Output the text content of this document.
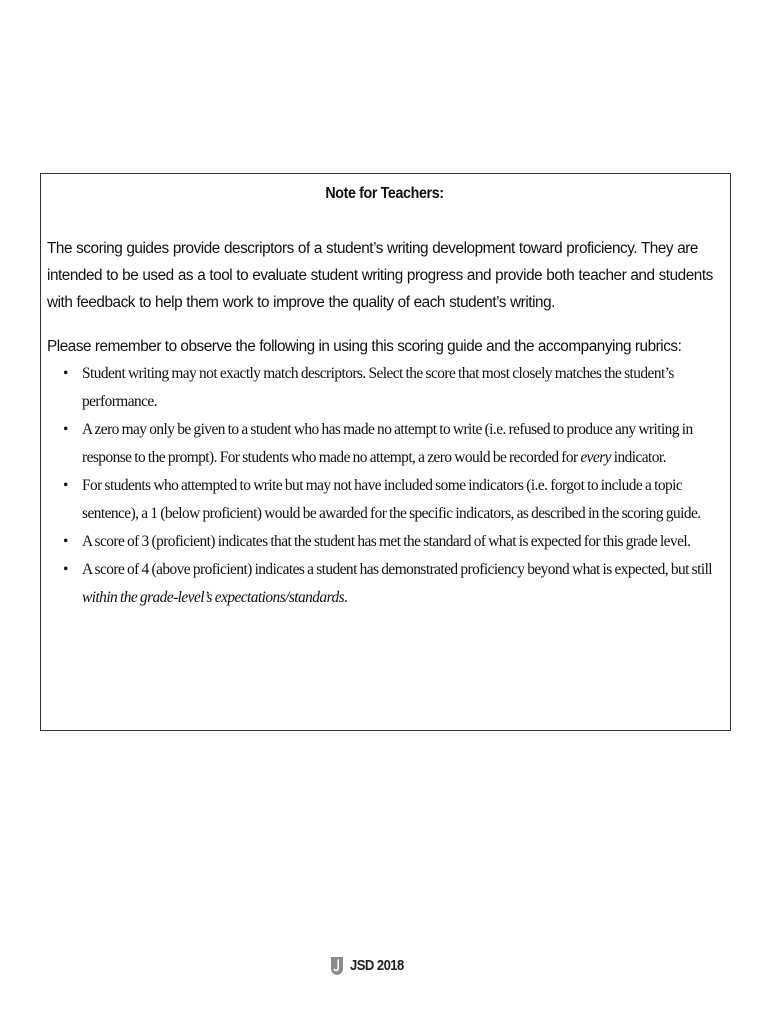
Note for Teachers:

The scoring guides provide descriptors of a student’s writing development toward proficiency. They are intended to be used as a tool to evaluate student writing progress and provide both teacher and students with feedback to help them work to improve the quality of each student’s writing.

Please remember to observe the following in using this scoring guide and the accompanying rubrics:

• Student writing may not exactly match descriptors. Select the score that most closely matches the student’s performance.
• A zero may only be given to a student who has made no attempt to write (i.e. refused to produce any writing in response to the prompt). For students who made no attempt, a zero would be recorded for every indicator.
• For students who attempted to write but may not have included some indicators (i.e. forgot to include a topic sentence), a 1 (below proficient) would be awarded for the specific indicators, as described in the scoring guide.
• A score of 3 (proficient) indicates that the student has met the standard of what is expected for this grade level.
• A score of 4 (above proficient) indicates a student has demonstrated proficiency beyond what is expected, but still within the grade-level’s expectations/standards.
JSD 2018
